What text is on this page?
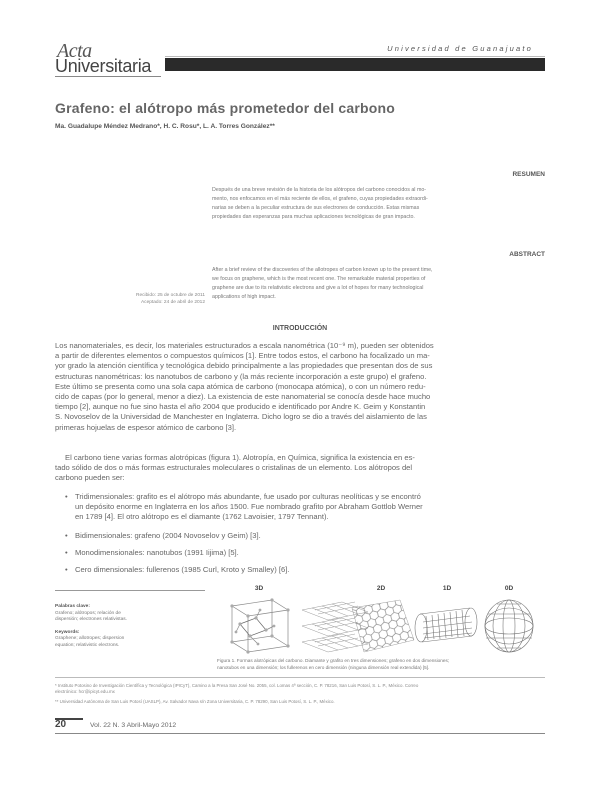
Acta
Universitaria
Universidad de Guanajuato
Grafeno: el alótropo más prometedor del carbono
Ma. Guadalupe Méndez Medrano*, H. C. Rosu*, L. A. Torres González**
RESUMEN
Después de una breve revisión de la historia de los alótropos del carbono conocidos al mo-
mento, nos enfocamos en el más reciente de ellos, el grafeno, cuyas propiedades extraordi-
narias se deben a la peculiar estructura de sus electrones de conducción. Estas mismas
propiedades dan esperanzas para muchas aplicaciones tecnológicas de gran impacto.
ABSTRACT
After a brief review of the discoveries of the allotropes of carbon known up to the present time,
we focus on graphene, which is the most recent one. The remarkable material properties of
graphene are due to its relativistic electrons and give a lot of hopes for many technological
applications of high impact.
Recibido: 25 de octubre de 2011
Aceptado: 24 de abril de 2012
INTRODUCCIÓN
Los nanomateriales, es decir, los materiales estructurados a escala nanométrica (10⁻⁹ m), pueden ser obtenidos
a partir de diferentes elementos o compuestos químicos [1]. Entre todos estos, el carbono ha focalizado un ma-
yor grado la atención científica y tecnológica debido principalmente a las propiedades que presentan dos de sus
estructuras nanométricas: los nanotubos de carbono y (la más reciente incorporación a este grupo) el grafeno.
Este último se presenta como una sola capa atómica de carbono (monocapa atómica), o con un número redu-
cido de capas (por lo general, menor a diez). La existencia de este nanomaterial se conocía desde hace mucho
tiempo [2], aunque no fue sino hasta el año 2004 que producido e identificado por Andre K. Geim y Konstantin
S. Novoselov de la Universidad de Manchester en Inglaterra. Dicho logro se dio a través del aislamiento de las
primeras hojuelas de espesor atómico de carbono [3].
El carbono tiene varias formas alotrópicas (figura 1). Alotropía, en Química, significa la existencia en es-
tado sólido de dos o más formas estructurales moleculares o cristalinas de un elemento. Los alótropos del
carbono pueden ser:
• Tridimensionales: grafito es el alótropo más abundante, fue usado por culturas neolíticas y se encontró
un depósito enorme en Inglaterra en los años 1500. Fue nombrado grafito por Abraham Gottlob Werner
en 1789 [4]. El otro alótropo es el diamante (1762 Lavoisier, 1797 Tennant).
• Bidimensionales: grafeno (2004 Novoselov y Geim) [3].
• Monodimensionales: nanotubos (1991 Iijima) [5].
• Cero dimensionales: fullerenos (1985 Curl, Kroto y Smalley) [6].
Palabras clave:
Grafeno; alótropos; relación de dispersión; electrones relativistas.
Keywords:
Graphene; allotropes; dispersion equation; relativistic electrons.
3D	2D	1D	0D
Figura 1. Formas alotrópicas del carbono. Diamante y grafito en tres dimensiones; grafeno en dos dimensiones;
nanotubos en una dimensión; los fullerenos en cero dimensión (ninguna dimensión real extendida) [5].
* Instituto Potosino de Investigación Científica y Tecnológica (IPICyT), Camino a la Presa San José No. 2055, col. Lomas 4ª sección, C. P. 78216, San Luis Potosí, S. L. P., México. Correo
electrónico: hcr@ipicyt.edu.mx
** Universidad Autónoma de San Luis Potosí (UASLP), Av. Salvador Nava s/n Zona Universitaria, C. P. 78290, San Luis Potosí, S. L. P., México.
20	Vol. 22 N. 3 Abril-Mayo 2012
